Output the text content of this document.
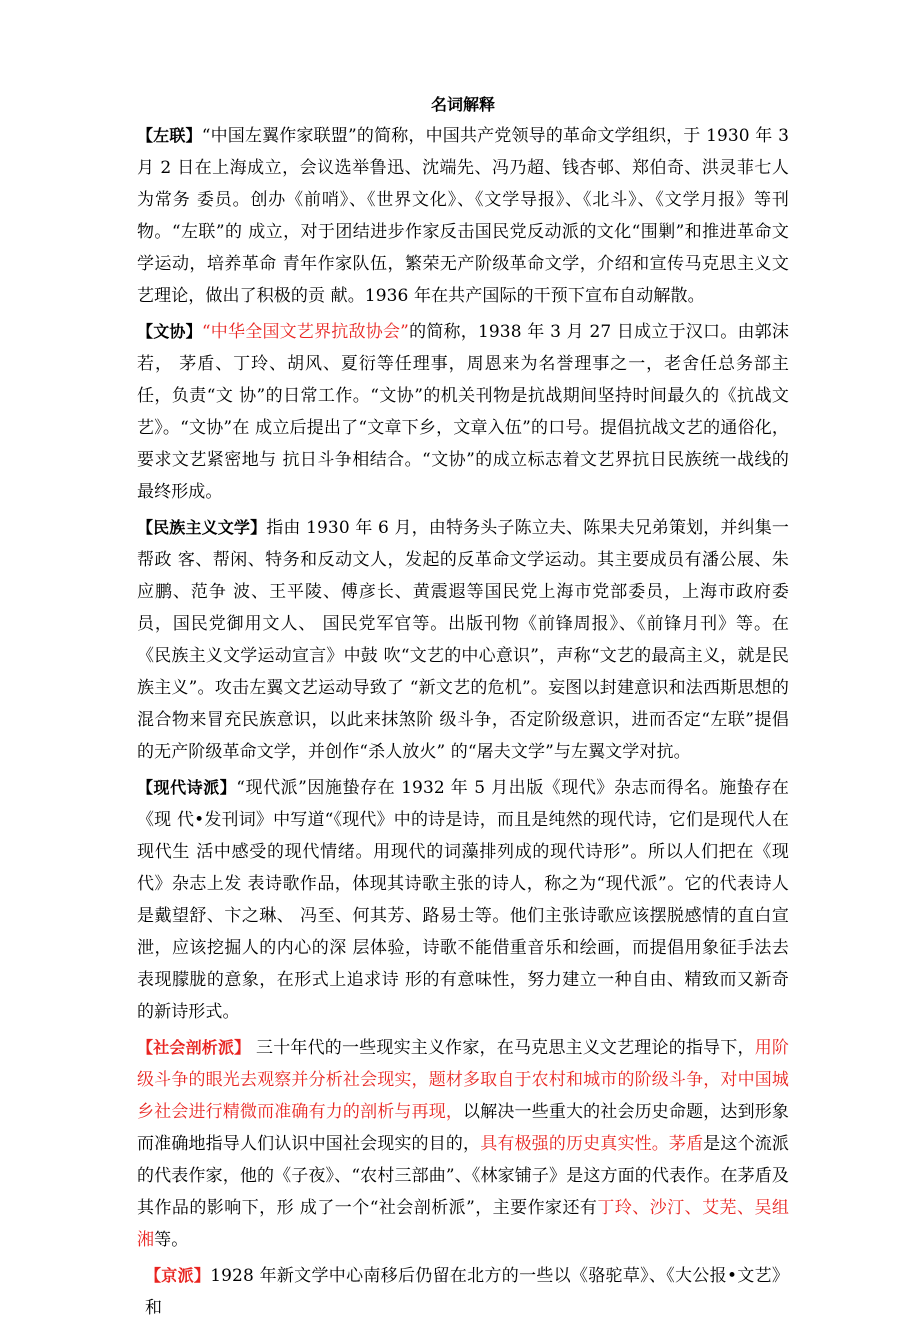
名词解释

【左联】“中国左翼作家联盟”的简称，中国共产党领导的革命文学组织，于 1930 年 3 月 2 日在上海成立，会议选举鲁迅、沈端先、冯乃超、钱杏邨、郑伯奇、洪灵菲七人为常务 委员。创办《前哨》、《世界文化》、《文学导报》、《北斗》、《文学月报》等刊物。“左联”的 成立，对于团结进步作家反击国民党反动派的文化“围剿”和推进革命文学运动，培养革命 青年作家队伍，繁荣无产阶级革命文学，介绍和宣传马克思主义文艺理论，做出了积极的贡 献。1936 年在共产国际的干预下宣布自动解散。

【文协】“中华全国文艺界抗敌协会”的简称，1938 年 3 月 27 日成立于汉口。由郭沫若， 茅盾、丁玲、胡风、夏衍等任理事，周恩来为名誉理事之一，老舍任总务部主任，负责“文 协”的日常工作。“文协”的机关刊物是抗战期间坚持时间最久的《抗战文艺》。“文协”在 成立后提出了“文章下乡，文章入伍”的口号。提倡抗战文艺的通俗化，要求文艺紧密地与 抗日斗争相结合。“文协”的成立标志着文艺界抗日民族统一战线的最终形成。

【民族主义文学】指由 1930 年 6 月，由特务头子陈立夫、陈果夫兄弟策划，并纠集一帮政 客、帮闲、特务和反动文人，发起的反革命文学运动。其主要成员有潘公展、朱应鹏、范争 波、王平陵、傅彦长、黄震遐等国民党上海市党部委员，上海市政府委员，国民党御用文人、 国民党军官等。出版刊物《前锋周报》、《前锋月刊》等。在《民族主义文学运动宣言》中鼓 吹“文艺的中心意识”，声称“文艺的最高主义，就是民族主义”。攻击左翼文艺运动导致了 “新文艺的危机”。妄图以封建意识和法西斯思想的混合物来冒充民族意识，以此来抹煞阶 级斗争，否定阶级意识，进而否定“左联”提倡的无产阶级革命文学，并创作“杀人放火” 的“屠夫文学”与左翼文学对抗。

【现代诗派】“现代派”因施蛰存在 1932 年 5 月出版《现代》杂志而得名。施蛰存在《现 代•发刊词》中写道“《现代》中的诗是诗，而且是纯然的现代诗，它们是现代人在现代生 活中感受的现代情绪。用现代的词藻排列成的现代诗形”。所以人们把在《现代》杂志上发 表诗歌作品，体现其诗歌主张的诗人，称之为“现代派”。它的代表诗人是戴望舒、卞之琳、 冯至、何其芳、路易士等。他们主张诗歌应该摆脱感情的直白宣泄，应该挖掘人的内心的深 层体验，诗歌不能借重音乐和绘画，而提倡用象征手法去表现朦胧的意象，在形式上追求诗 形的有意味性，努力建立一种自由、精致而又新奇的新诗形式。

【社会剖析派】 三十年代的一些现实主义作家，在马克思主义文艺理论的指导下，用阶级斗争的眼光去观察并分析社会现实，题材多取自于农村和城市的阶级斗争，对中国城乡社会进行精微而准确有力的剖析与再现，以解决一些重大的社会历史命题，达到形象而准确地指导人们认识中国社会现实的目的，具有极强的历史真实性。茅盾是这个流派的代表作家，他的《子夜》、“农村三部曲”、《林家铺子》是这方面的代表作。在茅盾及其作品的影响下，形 成了一个“社会剖析派”，主要作家还有丁玲、沙汀、艾芜、吴组湘等。

【京派】1928 年新文学中心南移后仍留在北方的一些以《骆驼草》、《大公报•文艺》和
